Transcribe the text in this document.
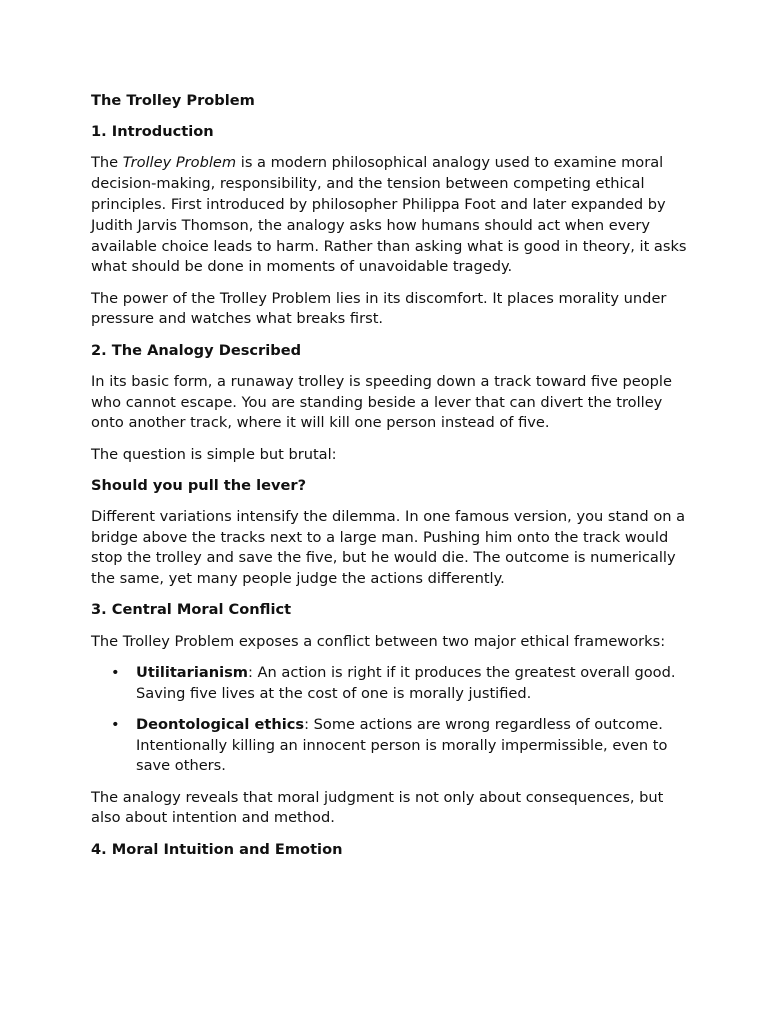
The Trolley Problem
1. Introduction

The Trolley Problem is a modern philosophical analogy used to examine moral decision-making, responsibility, and the tension between competing ethical principles. First introduced by philosopher Philippa Foot and later expanded by Judith Jarvis Thomson, the analogy asks how humans should act when every available choice leads to harm. Rather than asking what is good in theory, it asks what should be done in moments of unavoidable tragedy.

The power of the Trolley Problem lies in its discomfort. It places morality under pressure and watches what breaks first.

2. The Analogy Described

In its basic form, a runaway trolley is speeding down a track toward five people who cannot escape. You are standing beside a lever that can divert the trolley onto another track, where it will kill one person instead of five.

The question is simple but brutal:

Should you pull the lever?

Different variations intensify the dilemma. In one famous version, you stand on a bridge above the tracks next to a large man. Pushing him onto the track would stop the trolley and save the five, but he would die. The outcome is numerically the same, yet many people judge the actions differently.

3. Central Moral Conflict

The Trolley Problem exposes a conflict between two major ethical frameworks:

• Utilitarianism: An action is right if it produces the greatest overall good. Saving five lives at the cost of one is morally justified.
• Deontological ethics: Some actions are wrong regardless of outcome. Intentionally killing an innocent person is morally impermissible, even to save others.

The analogy reveals that moral judgment is not only about consequences, but also about intention and method.

4. Moral Intuition and Emotion
